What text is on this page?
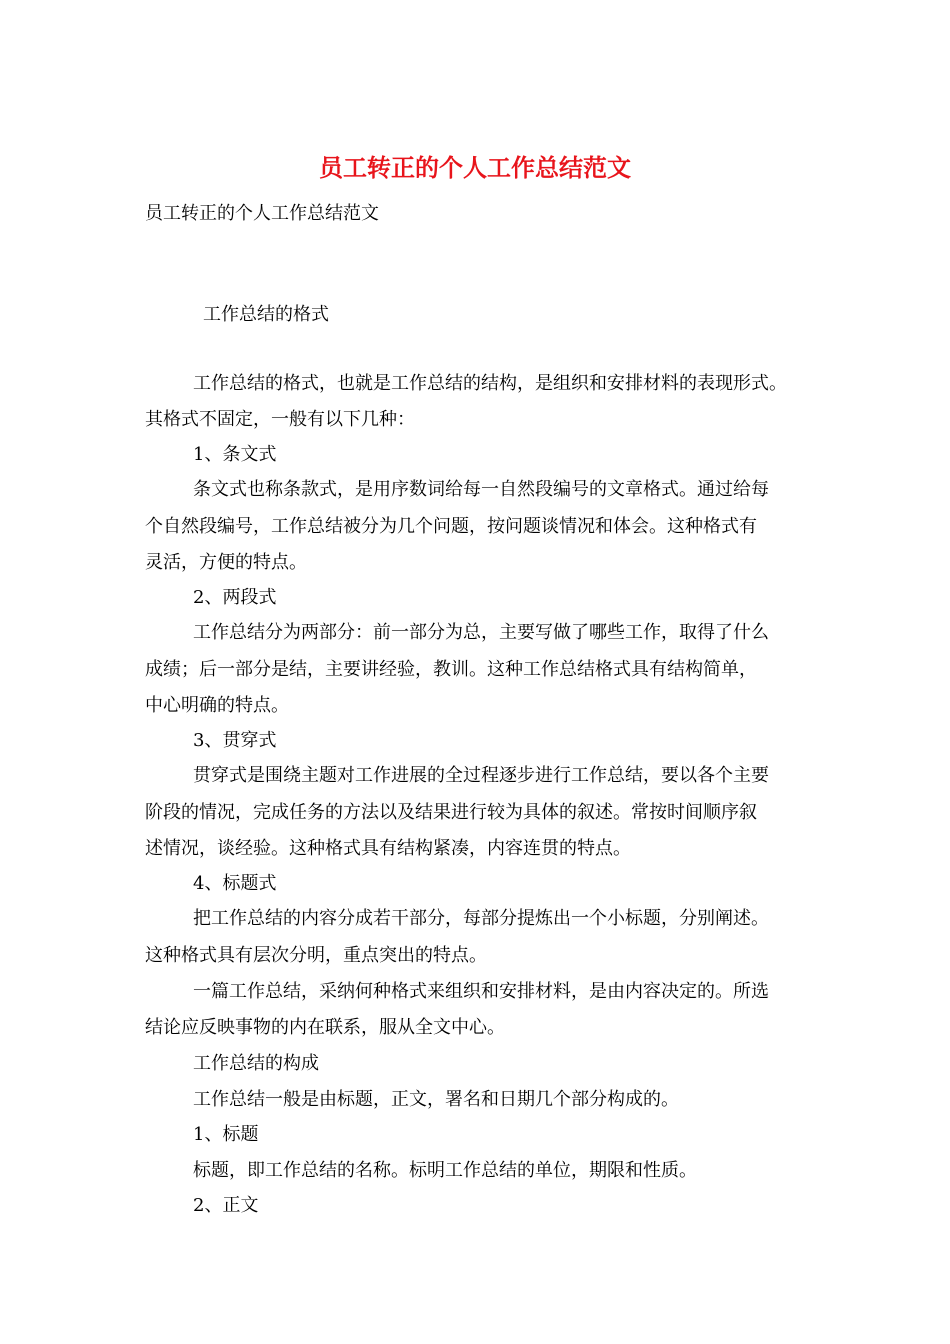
员工转正的个人工作总结范文

员工转正的个人工作总结范文

工作总结的格式

工作总结的格式，也就是工作总结的结构，是组织和安排材料的表现形式。

其格式不固定，一般有以下几种：

1、条文式

条文式也称条款式，是用序数词给每一自然段编号的文章格式。通过给每

个自然段编号，工作总结被分为几个问题，按问题谈情况和体会。这种格式有

灵活，方便的特点。

2、两段式

工作总结分为两部分：前一部分为总，主要写做了哪些工作，取得了什么

成绩；后一部分是结，主要讲经验，教训。这种工作总结格式具有结构简单，

中心明确的特点。

3、贯穿式

贯穿式是围绕主题对工作进展的全过程逐步进行工作总结，要以各个主要

阶段的情况，完成任务的方法以及结果进行较为具体的叙述。常按时间顺序叙

述情况，谈经验。这种格式具有结构紧凑，内容连贯的特点。

4、标题式

把工作总结的内容分成若干部分，每部分提炼出一个小标题，分别阐述。

这种格式具有层次分明，重点突出的特点。

一篇工作总结，采纳何种格式来组织和安排材料，是由内容决定的。所选

结论应反映事物的内在联系，服从全文中心。

工作总结的构成

工作总结一般是由标题，正文，署名和日期几个部分构成的。

1、标题

标题，即工作总结的名称。标明工作总结的单位，期限和性质。

2、正文
